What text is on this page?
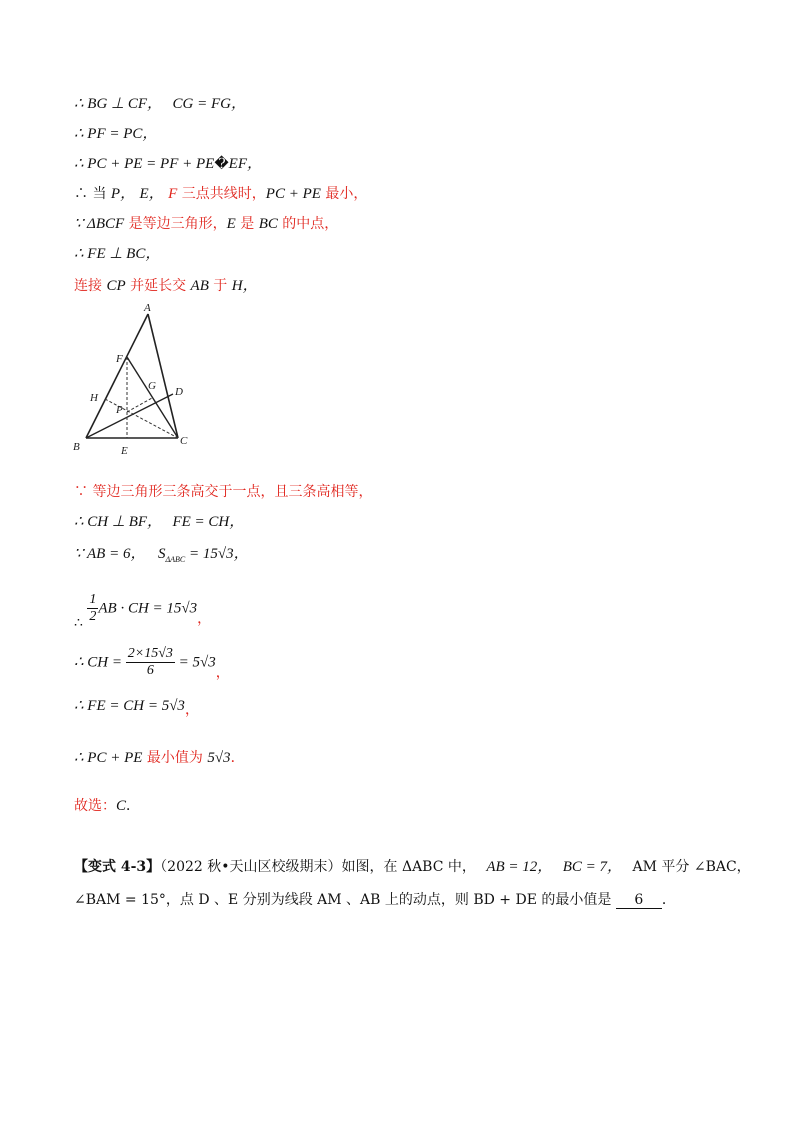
∴ BG ⊥ CF， CG = FG，
∴ PF = PC，
∴ PC + PE = PF + PE�EF，
∴ 当 P， E， F 三点共线时，PC + PE 最小，
∵ ΔBCF 是等边三角形，E 是 BC 的中点，
∴ FE ⊥ BC，
连接 CP 并延长交 AB 于 H，
A
F
G D
H
P
B	E
C
∵ 等边三角形三条高交于一点，且三条高相等，
∴ CH ⊥ BF， FE = CH，
∵ AB = 6， $S_{\Delta ABC} = 15√3$，
∴ $\frac{1}{2}$ AB · CH = 15√3，
∴ CH = $\frac{2\times 15√3}{6} = 5√3$，
∴ FE = CH = 5√3，
∴ PC + PE 最小值为 5√3．
故选：C．
【变式 4-3】（2022 秋•天山区校级期末）如图，在 ΔABC 中， AB = 12， BC = 7， AM 平分 ∠BAC，
∠BAM = 15°，点 D 、E 分别为线段 AM 、AB 上的动点，则 BD + DE 的最小值是 6 ．
